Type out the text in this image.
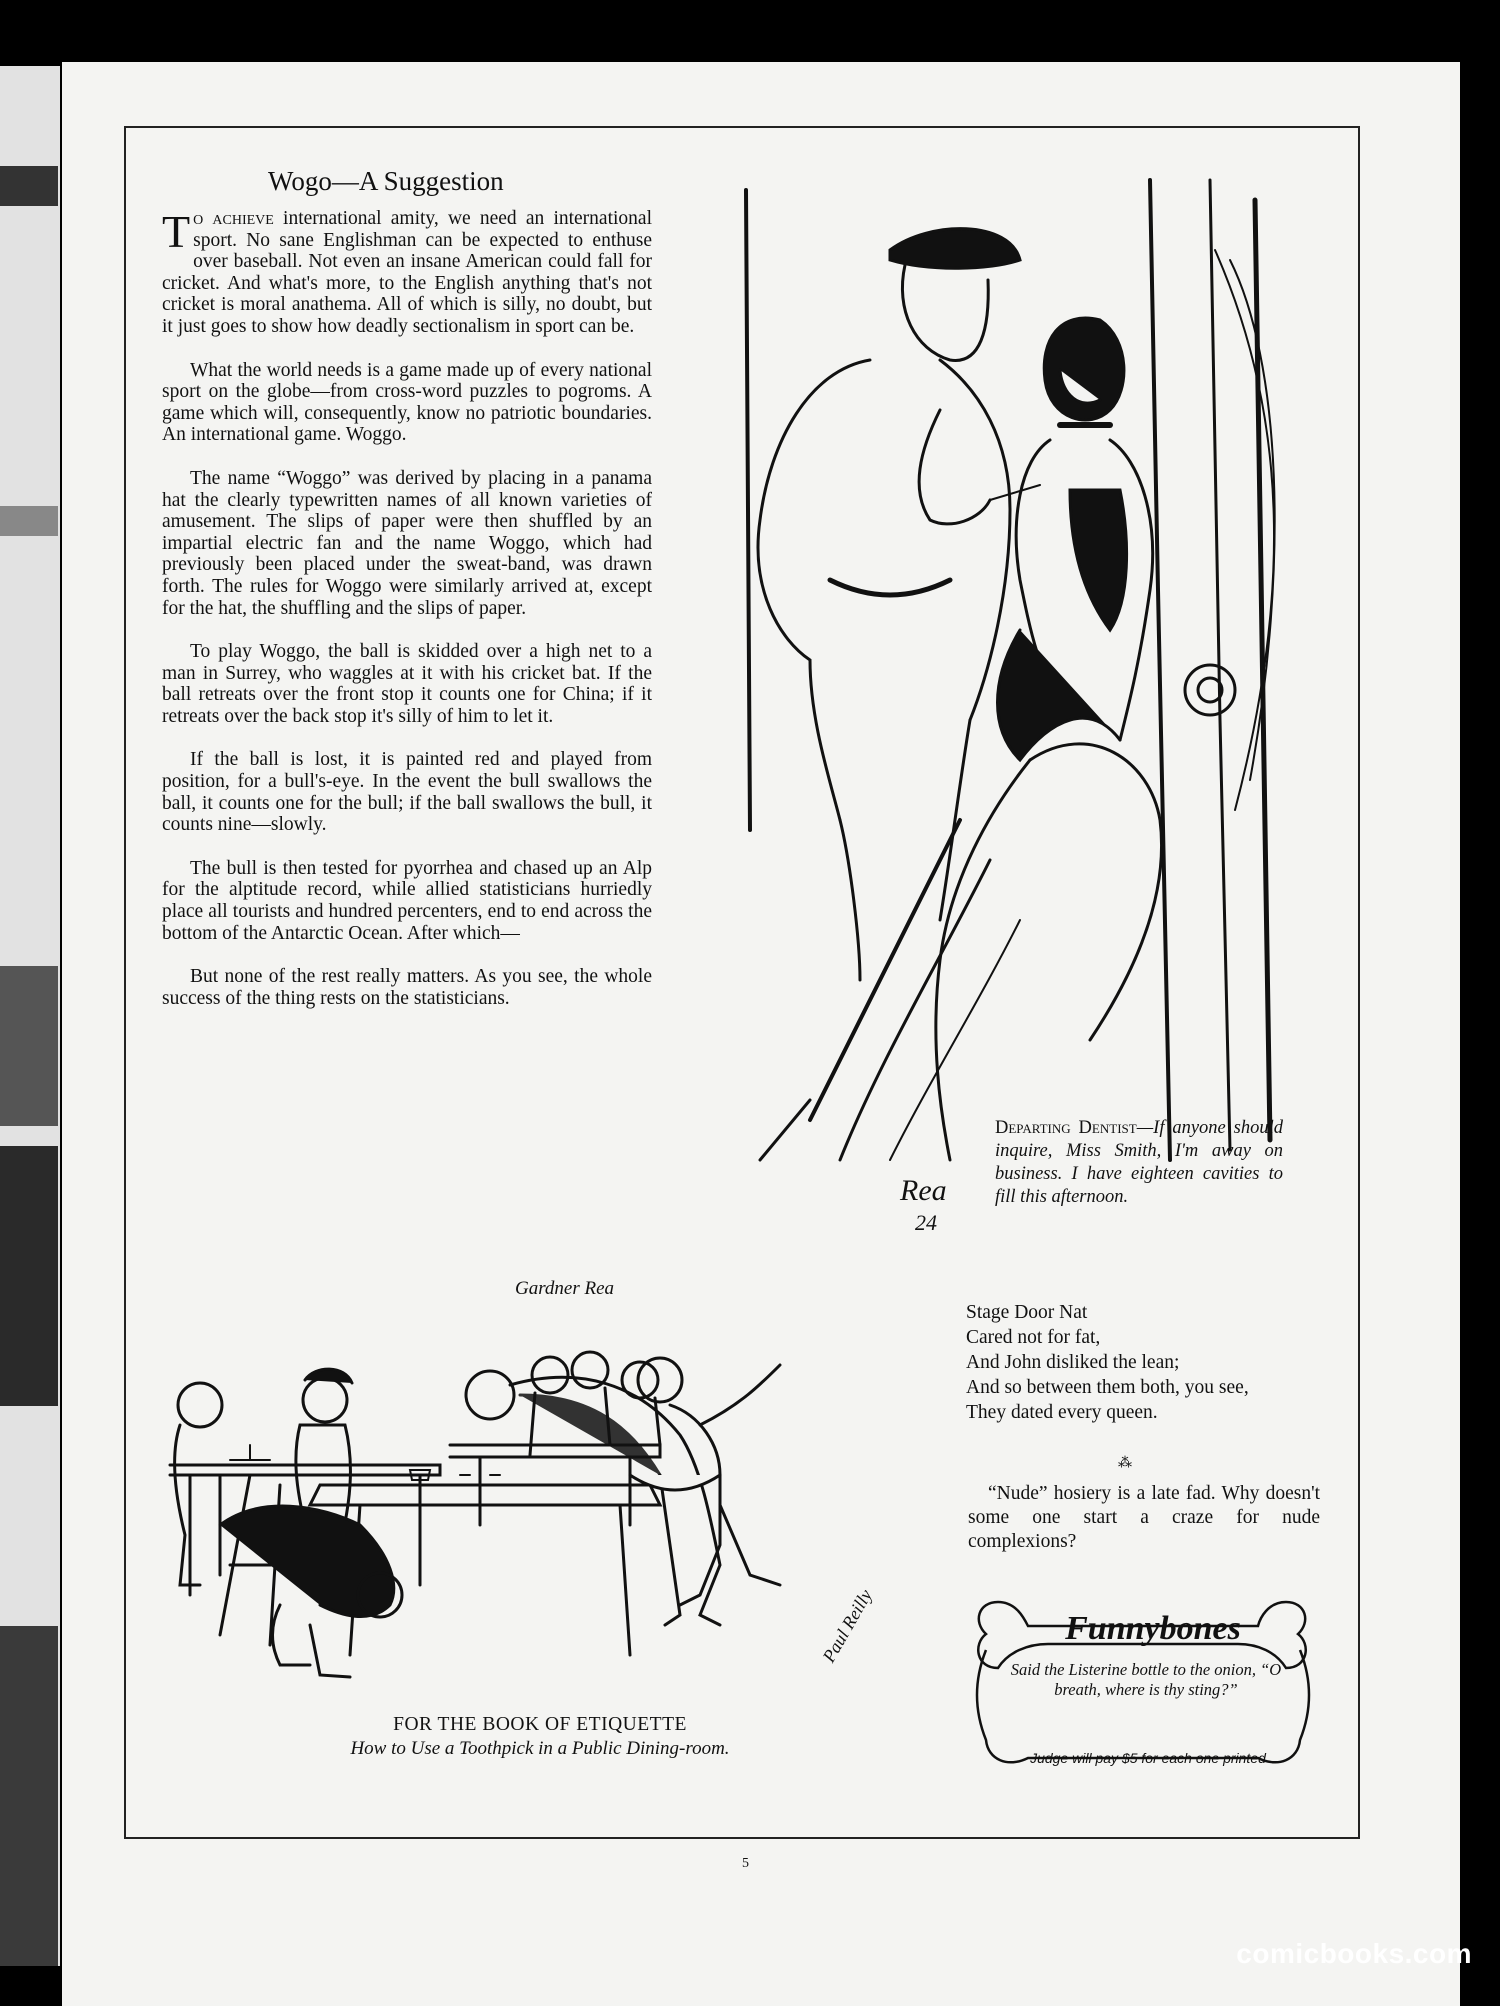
Wogo—A Suggestion

To achieve international amity, we need an international sport. No sane Englishman can be expected to enthuse over baseball. Not even an insane American could fall for cricket. And what's more, to the English anything that's not cricket is moral anathema. All of which is silly, no doubt, but it just goes to show how deadly sectionalism in sport can be.

What the world needs is a game made up of every national sport on the globe—from cross-word puzzles to pogroms. A game which will, consequently, know no patriotic boundaries. An international game. Woggo.

The name “Woggo” was derived by placing in a panama hat the clearly typewritten names of all known varieties of amusement. The slips of paper were then shuffled by an impartial electric fan and the name Woggo, which had previously been placed under the sweat-band, was drawn forth. The rules for Woggo were similarly arrived at, except for the hat, the shuffling and the slips of paper.

To play Woggo, the ball is skidded over a high net to a man in Surrey, who waggles at it with his cricket bat. If the ball retreats over the front stop it counts one for China; if it retreats over the back stop it's silly of him to let it.

If the ball is lost, it is painted red and played from position, for a bull's-eye. In the event the bull swallows the ball, it counts one for the bull; if the ball swallows the bull, it counts nine—slowly.

The bull is then tested for pyorrhea and chased up an Alp for the alptitude record, while allied statisticians hurriedly place all tourists and hundred percenters, end to end across the bottom of the Antarctic Ocean. After which—

But none of the rest really matters. As you see, the whole success of the thing rests on the statisticians.

Gardner Rea
Rea
24
Departing Dentist—If anyone should inquire, Miss Smith, I'm away on business. I have eighteen cavities to fill this afternoon.
Stage Door Nat
Cared not for fat,
And John disliked the lean;
And so between them both, you see,
They dated every queen.
⁂

“Nude” hosiery is a late fad. Why doesn't some one start a craze for nude complexions?

Funnybones
Said the Listerine bottle to the onion, “O breath, where is thy sting?”
Judge will pay $5 for each one printed
Paul Reilly
FOR THE BOOK OF ETIQUETTE
How to Use a Toothpick in a Public Dining-room.
5
comicbooks.com
